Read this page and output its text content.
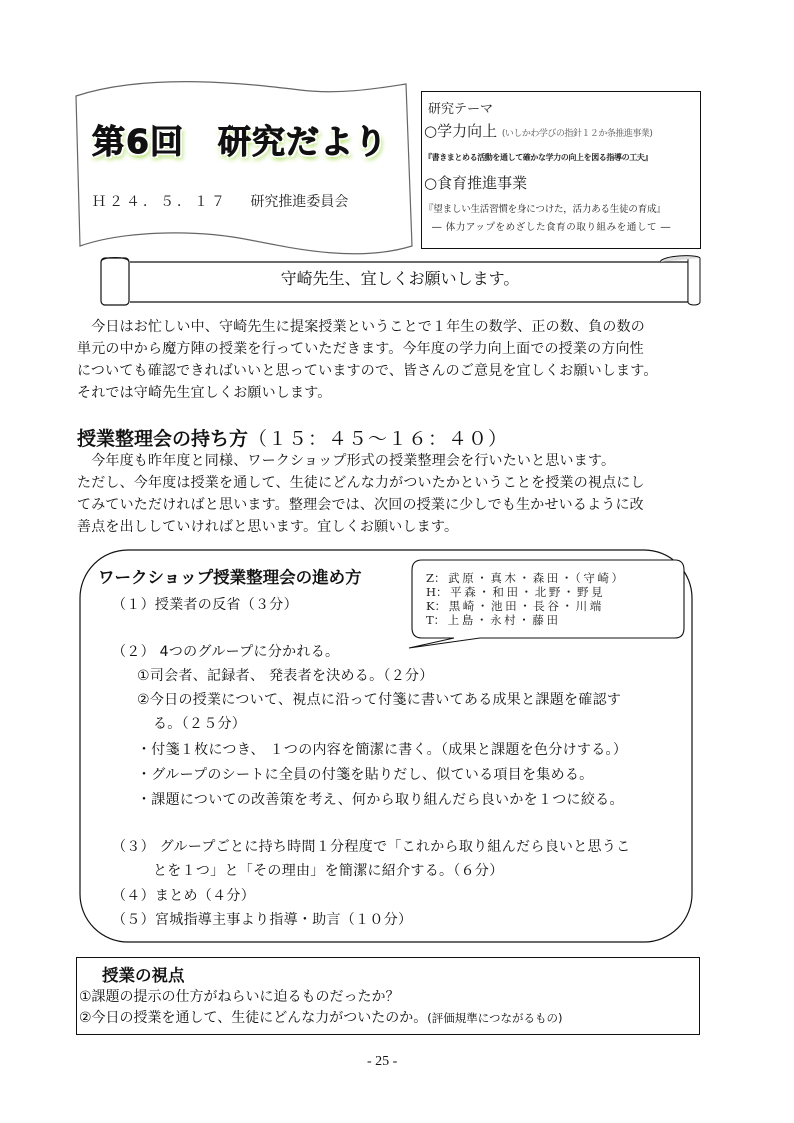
第6回　研究だより
Ｈ２４．５．１７　 研究推進委員会
研究テーマ
○学力向上 (いしかわ学びの指針１２か条推進事業)
『書きまとめる活動を通して確かな学力の向上を図る指導の工夫』
○食育推進事業
『望ましい生活習慣を身につけた，活力ある生徒の育成』
― 体力アップをめざした食育の取り組みを通して ―
守崎先生、宜しくお願いします。

　今日はお忙しい中、守崎先生に提案授業ということで１年生の数学、正の数、負の数の

単元の中から魔方陣の授業を行っていただきます。今年度の学力向上面での授業の方向性

についても確認できればいいと思っていますので、皆さんのご意見を宜しくお願いします。

それでは守崎先生宜しくお願いします。

授業整理会の持ち方（１５：４５～１６：４０）

　今年度も昨年度と同様、ワークショップ形式の授業整理会を行いたいと思います。

ただし、今年度は授業を通して、生徒にどんな力がついたかということを授業の視点にし

てみていただければと思います。整理会では、次回の授業に少しでも生かせいるように改

善点を出ししていければと思います。宜しくお願いします。

ワークショップ授業整理会の進め方	Z：武原・真木・森田・（守崎）
H：平森・和田・北野・野見
K：黒崎・池田・長谷・川端
T：上島・永村・藤田
（１）授業者の反省（３分）
（２） 4つのグループに分かれる。
①司会者、記録者、 発表者を決める。（２分）
②今日の授業について、視点に沿って付箋に書いてある成果と課題を確認す
る。（２５分）
・付箋１枚につき、 １つの内容を簡潔に書く。（成果と課題を色分けする。）
・グループのシートに全員の付箋を貼りだし、似ている項目を集める。
・課題についての改善策を考え、何から取り組んだら良いかを１つに絞る。
（３） グループごとに持ち時間１分程度で「これから取り組んだら良いと思うこ
とを１つ」と「その理由」を簡潔に紹介する。（６分）
（４）まとめ（４分）
（５）宮城指導主事より指導・助言（１０分）
授業の視点
①課題の提示の仕方がねらいに迫るものだったか？
②今日の授業を通して、生徒にどんな力がついたのか。(評価規準につながるもの)
- 25 -
